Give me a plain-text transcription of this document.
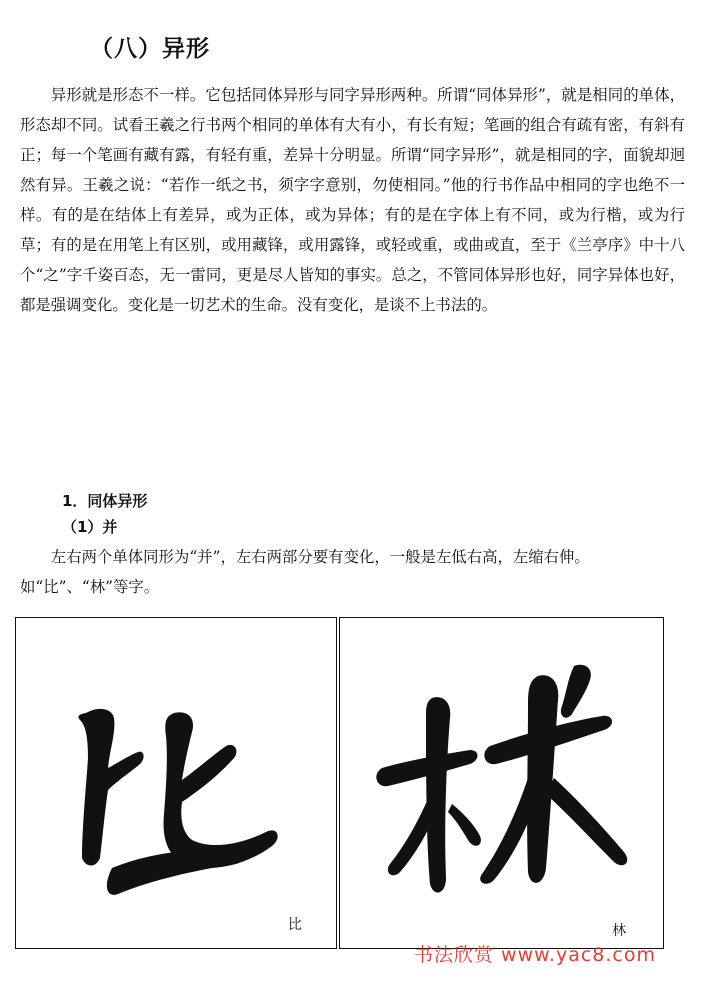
（八）异形

异形就是形态不一样。它包括同体异形与同字异形两种。所谓“同体异形”，就是相同的单体，形态却不同。试看王羲之行书两个相同的单体有大有小，有长有短；笔画的组合有疏有密，有斜有正；每一个笔画有藏有露，有轻有重，差异十分明显。所谓“同字异形”，就是相同的字，面貌却迥然有异。王羲之说：“若作一纸之书，须字字意别，勿使相同。”他的行书作品中相同的字也绝不一样。有的是在结体上有差异，或为正体，或为异体；有的是在字体上有不同，或为行楷，或为行草；有的是在用笔上有区别，或用藏锋，或用露锋，或轻或重，或曲或直，至于《兰亭序》中十八个“之”字千姿百态，无一雷同，更是尽人皆知的事实。总之，不管同体异形也好，同字异体也好，都是强调变化。变化是一切艺术的生命。没有变化，是谈不上书法的。

1．同体异形
（1）并

左右两个单体同形为“并”，左右两部分要有变化，一般是左低右高，左缩右伸。如“比”、“林”等字。

比	林
书法欣赏 www.yac8.com
